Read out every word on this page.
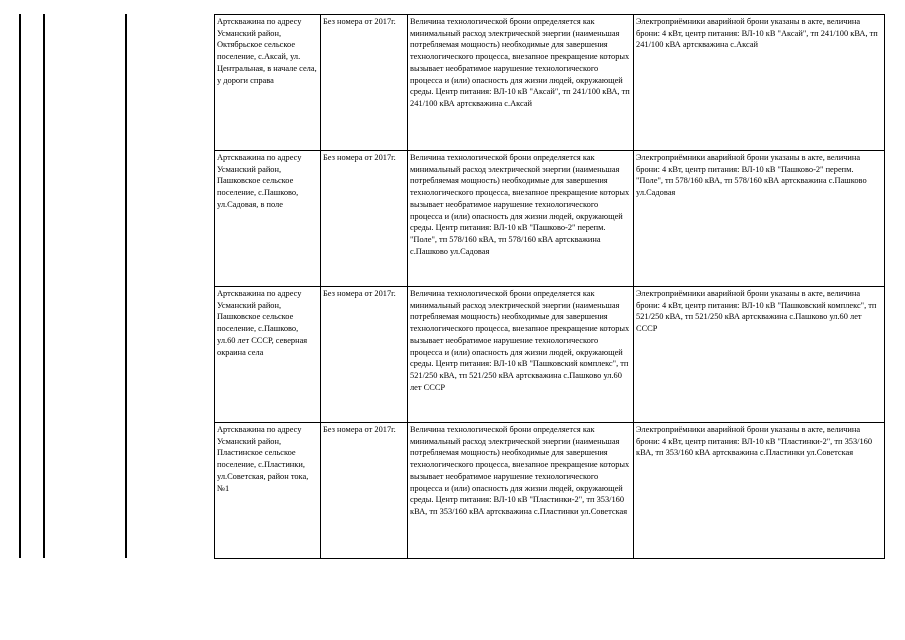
Артскважина по адресу Усманский район, Октябрьское сельское поселение, с.Аксай, ул. Центральная, в начале села, у дороги справа	Без номера от 2017г.	Величина технологической брони определяется как минимальный расход электрической энергии (наименьшая потребляемая мощность) необходимые для завершения технологического процесса, внезапное прекращение которых вызывает необратимое нарушение технологического процесса и (или) опасность для жизни людей, окружающей среды. Центр питания: ВЛ-10 кВ "Аксай", тп 241/100 кВА, тп 241/100 кВА артскважина с.Аксай	Электроприёмники аварийной брони указаны в акте, величина брони: 4 кВт, центр питания: ВЛ-10 кВ "Аксай", тп 241/100 кВА, тп 241/100 кВА артскважина с.Аксай
Артскважина по адресу Усманский район, Пашковское сельское поселение, с.Пашково, ул.Садовая, в поле	Без номера от 2017г.	Величина технологической брони определяется как минимальный расход электрической энергии (наименьшая потребляемая мощность) необходимые для завершения технологического процесса, внезапное прекращение которых вызывает необратимое нарушение технологического процесса и (или) опасность для жизни людей, окружающей среды. Центр питания: ВЛ-10 кВ "Пашково-2" перепм. "Поле", тп 578/160 кВА, тп 578/160 кВА артскважина с.Пашково ул.Садовая	Электроприёмники аварийной брони указаны в акте, величина брони: 4 кВт, центр питания: ВЛ-10 кВ "Пашково-2" перепм. "Поле", тп 578/160 кВА, тп 578/160 кВА артскважина с.Пашково ул.Садовая
Артскважина по адресу Усманский район, Пашковское сельское поселение, с.Пашково, ул.60 лет СССР, северная окраина села	Без номера от 2017г.	Величина технологической брони определяется как минимальный расход электрической энергии (наименьшая потребляемая мощность) необходимые для завершения технологического процесса, внезапное прекращение которых вызывает необратимое нарушение технологического процесса и (или) опасность для жизни людей, окружающей среды. Центр питания: ВЛ-10 кВ "Пашковский комплекс", тп 521/250 кВА, тп 521/250 кВА артскважина с.Пашково ул.60 лет СССР	Электроприёмники аварийной брони указаны в акте, величина брони: 4 кВт, центр питания: ВЛ-10 кВ "Пашковский комплекс", тп 521/250 кВА, тп 521/250 кВА артскважина с.Пашково ул.60 лет СССР
Артскважина по адресу Усманский район, Пластинское сельское поселение, с.Пластинки, ул.Советская, район тока, №1	Без номера от 2017г.	Величина технологической брони определяется как минимальный расход электрической энергии (наименьшая потребляемая мощность) необходимые для завершения технологического процесса, внезапное прекращение которых вызывает необратимое нарушение технологического процесса и (или) опасность для жизни людей, окружающей среды. Центр питания: ВЛ-10 кВ "Пластинки-2", тп 353/160 кВА, тп 353/160 кВА артскважина с.Пластинки ул.Советская	Электроприёмники аварийной брони указаны в акте, величина брони: 4 кВт, центр питания: ВЛ-10 кВ "Пластинки-2", тп 353/160 кВА, тп 353/160 кВА артскважина с.Пластинки ул.Советская
